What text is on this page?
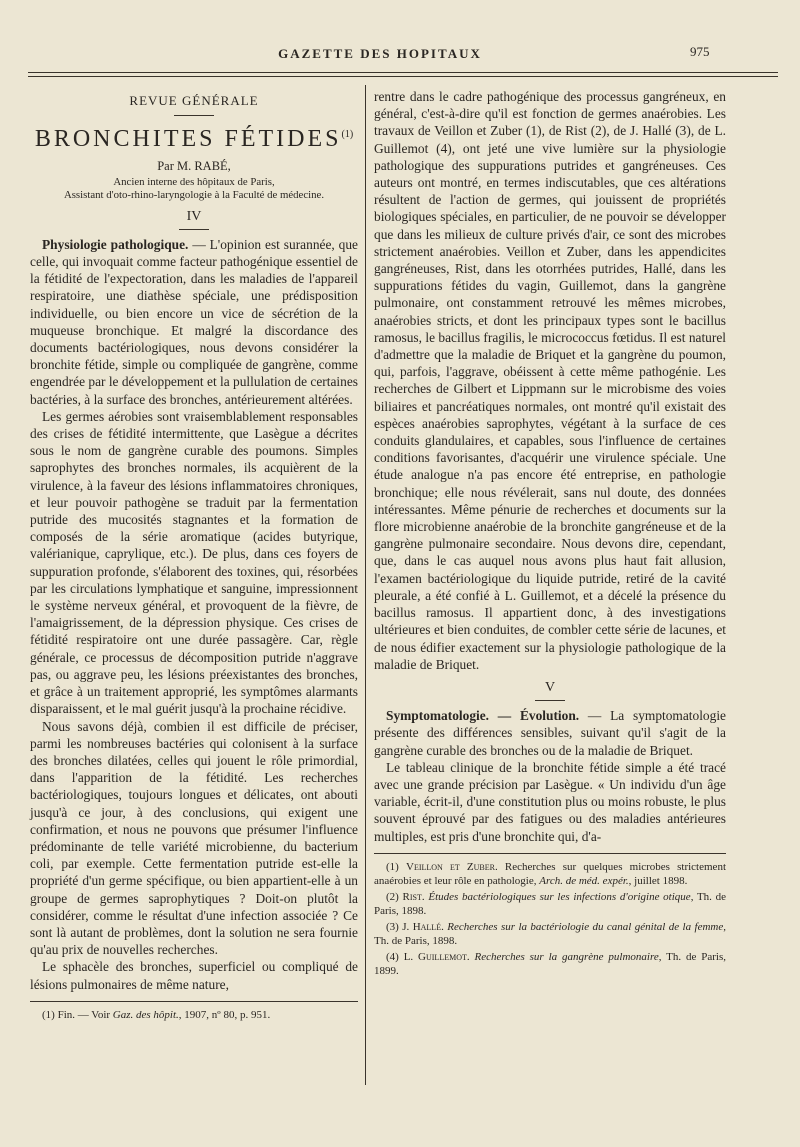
GAZETTE DES HOPITAUX	975
REVUE GÉNÉRALE
BRONCHITES FÉTIDES$^{(1)}$
Par M. RABÉ,
Ancien interne des hôpitaux de Paris,
Assistant d'oto-rhino-laryngologie à la Faculté de médecine.
IV

Physiologie pathologique. — L'opinion est surannée, que celle, qui invoquait comme facteur pathogénique essentiel de la fétidité de l'expectoration, dans les maladies de l'appareil respiratoire, une diathèse spéciale, une prédisposition individuelle, ou bien encore un vice de sécrétion de la muqueuse bronchique. Et malgré la discordance des documents bactériologiques, nous devons considérer la bronchite fétide, simple ou compliquée de gangrène, comme engendrée par le développement et la pullulation de certaines bactéries, à la surface des bronches, antérieurement altérées.

Les germes aérobies sont vraisemblablement responsables des crises de fétidité intermittente, que Lasègue a décrites sous le nom de gangrène curable des poumons. Simples saprophytes des bronches normales, ils acquièrent de la virulence, à la faveur des lésions inflammatoires chroniques, et leur pouvoir pathogène se traduit par la fermentation putride des mucosités stagnantes et la formation de composés de la série aromatique (acides butyrique, valérianique, caprylique, etc.). De plus, dans ces foyers de suppuration profonde, s'élaborent des toxines, qui, résorbées par les circulations lymphatique et sanguine, impressionnent le système nerveux général, et provoquent de la fièvre, de l'amaigrissement, de la dépression physique. Ces crises de fétidité respiratoire ont une durée passagère. Car, règle générale, ce processus de décomposition putride n'aggrave pas, ou aggrave peu, les lésions préexistantes des bronches, et grâce à un traitement approprié, les symptômes alarmants disparaissent, et le mal guérit jusqu'à la prochaine récidive.

Nous savons déjà, combien il est difficile de préciser, parmi les nombreuses bactéries qui colonisent à la surface des bronches dilatées, celles qui jouent le rôle primordial, dans l'apparition de la fétidité. Les recherches bactériologiques, toujours longues et délicates, ont abouti jusqu'à ce jour, à des conclusions, qui exigent une confirmation, et nous ne pouvons que présumer l'influence prédominante de telle variété microbienne, du bacterium coli, par exemple. Cette fermentation putride est-elle la propriété d'un germe spécifique, ou bien appartient-elle à un groupe de germes saprophytiques ? Doit-on plutôt la considérer, comme le résultat d'une infection associée ? Ce sont là autant de problèmes, dont la solution ne sera fournie qu'au prix de nouvelles recherches.

Le sphacèle des bronches, superficiel ou compliqué de lésions pulmonaires de même nature,

(1) Fin. — Voir Gaz. des hôpit., 1907, nº 80, p. 951.

rentre dans le cadre pathogénique des processus gangréneux, en général, c'est-à-dire qu'il est fonction de germes anaérobies. Les travaux de Veillon et Zuber (1), de Rist (2), de J. Hallé (3), de L. Guillemot (4), ont jeté une vive lumière sur la physiologie pathologique des suppurations putrides et gangréneuses. Ces auteurs ont montré, en termes indiscutables, que ces altérations résultent de l'action de germes, qui jouissent de propriétés biologiques spéciales, en particulier, de ne pouvoir se développer que dans les milieux de culture privés d'air, ce sont des microbes strictement anaérobies. Veillon et Zuber, dans les appendicites gangréneuses, Rist, dans les otorrhées putrides, Hallé, dans les suppurations fétides du vagin, Guillemot, dans la gangrène pulmonaire, ont constamment retrouvé les mêmes microbes, anaérobies stricts, et dont les principaux types sont le bacillus ramosus, le bacillus fragilis, le micrococcus fœtidus. Il est naturel d'admettre que la maladie de Briquet et la gangrène du poumon, qui, parfois, l'aggrave, obéissent à cette même pathogénie. Les recherches de Gilbert et Lippmann sur le microbisme des voies biliaires et pancréatiques normales, ont montré qu'il existait des espèces anaérobies saprophytes, végétant à la surface de ces conduits glandulaires, et capables, sous l'influence de certaines conditions favorisantes, d'acquérir une virulence spéciale. Une étude analogue n'a pas encore été entreprise, en pathologie bronchique; elle nous révélerait, sans nul doute, des données intéressantes. Même pénurie de recherches et documents sur la flore microbienne anaérobie de la bronchite gangréneuse et de la gangrène pulmonaire secondaire. Nous devons dire, cependant, que, dans le cas auquel nous avons plus haut fait allusion, l'examen bactériologique du liquide putride, retiré de la cavité pleurale, a été confié à L. Guillemot, et a décelé la présence du bacillus ramosus. Il appartient donc, à des investigations ultérieures et bien conduites, de combler cette série de lacunes, et de nous édifier exactement sur la physiologie pathologique de la maladie de Briquet.

V

Symptomatologie. — Évolution. — La symptomatologie présente des différences sensibles, suivant qu'il s'agit de la gangrène curable des bronches ou de la maladie de Briquet.

Le tableau clinique de la bronchite fétide simple a été tracé avec une grande précision par Lasègue. « Un individu d'un âge variable, écrit-il, d'une constitution plus ou moins robuste, le plus souvent éprouvé par des fatigues ou des maladies antérieures multiples, est pris d'une bronchite qui, d'a-

(1) Veillon et Zuber. Recherches sur quelques microbes strictement anaérobies et leur rôle en pathologie, Arch. de méd. expér., juillet 1898.
(2) Rist. Études bactériologiques sur les infections d'origine otique, Th. de Paris, 1898.
(3) J. Hallé. Recherches sur la bactériologie du canal génital de la femme, Th. de Paris, 1898.
(4) L. Guillemot. Recherches sur la gangrène pulmonaire, Th. de Paris, 1899.
